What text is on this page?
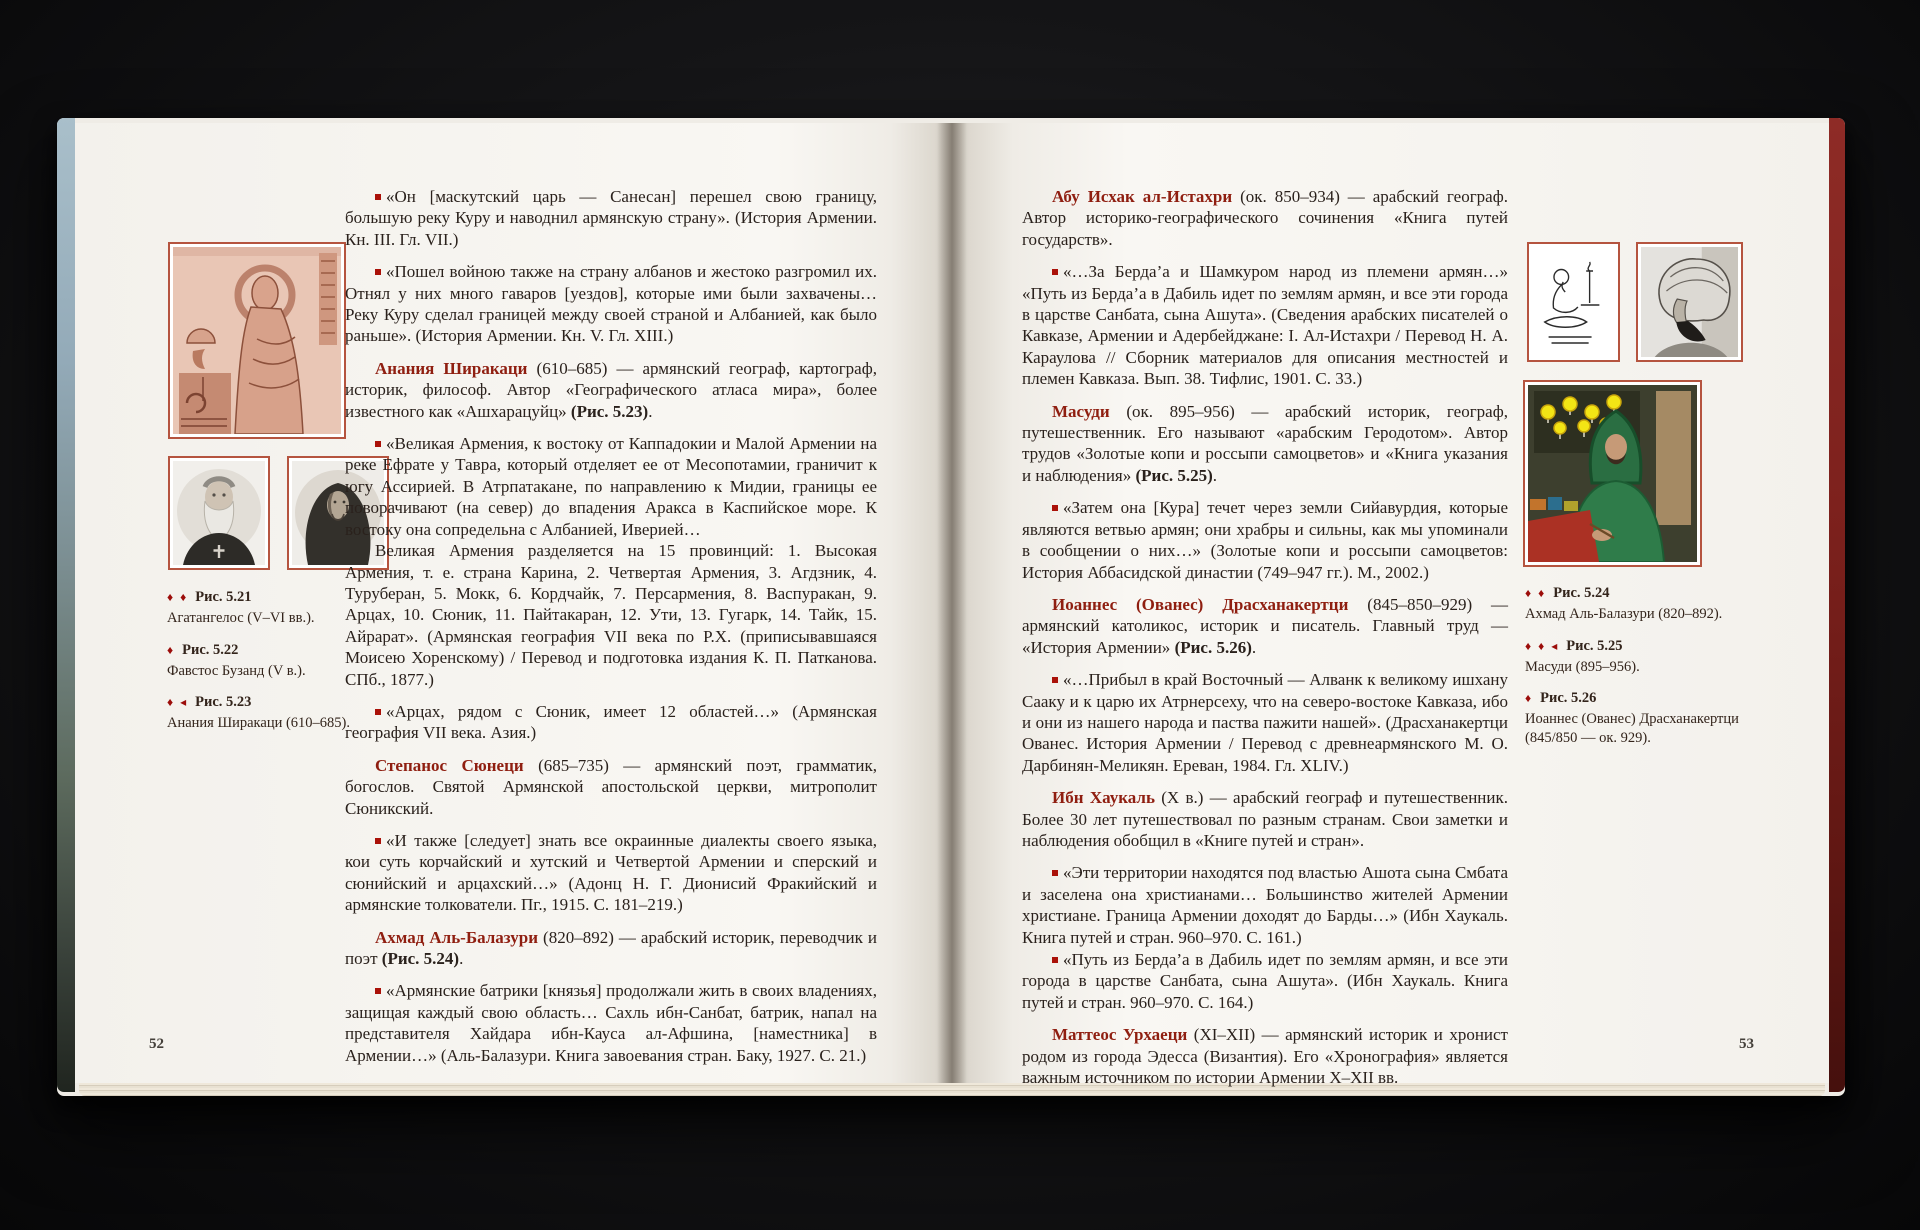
«Он [маскутский царь — Санесан] перешел свою границу, большую реку Куру и наводнил армянскую страну». (История Армении. Кн. III. Гл. VII.)

«Пошел войною также на страну албанов и жестоко разгромил их. Отнял у них много гаваров [уездов], которые ими были захвачены… Реку Куру сделал границей между своей страной и Албанией, как было раньше». (История Армении. Кн. V. Гл. XIII.)

Анания Ширакаци (610–685) — армянский географ, картограф, историк, философ. Автор «Географического атласа мира», более известного как «Ашхарацуйц» (Рис. 5.23).

«Великая Армения, к востоку от Каппадокии и Малой Армении на реке Ефрате у Тавра, который отделяет ее от Месопотамии, граничит к югу Ассирией. В Атрпатакане, по направлению к Мидии, границы ее поворачивают (на север) до впадения Аракса в Каспийское море. К востоку она сопредельна с Албанией, Иверией…

Великая Армения разделяется на 15 провинций: 1. Высокая Армения, т. е. страна Карина, 2. Четвертая Армения, 3. Агдзник, 4. Туруберан, 5. Мокк, 6. Кордчайк, 7. Персармения, 8. Васпуракан, 9. Арцах, 10. Сюник, 11. Пайтакаран, 12. Ути, 13. Гугарк, 14. Тайк, 15. Айрарат». (Армянская география VII века по Р.Х. (приписывавшаяся Моисею Хоренскому) / Перевод и подготовка издания К. П. Патканова. СПб., 1877.)

«Арцах, рядом с Сюник, имеет 12 областей…» (Армянская география VII века. Азия.)

Степанос Сюнеци (685–735) — армянский поэт, грамматик, богослов. Святой Армянской апостольской церкви, митрополит Сюникский.

«И также [следует] знать все окраинные диалекты своего языка, кои суть корчайский и хутский и Четвертой Армении и сперский и сюнийский и арцахский…» (Адонц Н. Г. Дионисий Фракийский и армянские толкователи. Пг., 1915. С. 181–219.)

Ахмад Аль-Балазури (820–892) — арабский историк, переводчик и поэт (Рис. 5.24).

«Армянские батрики [князья] продолжали жить в своих владениях, защищая каждый свою область… Сахль ибн-Санбат, батрик, напал на представителя Хайдара ибн-Кауса ал-Афшина, [наместника] в Армении…» (Аль-Балазури. Книга завоевания стран. Баку, 1927. С. 21.)

Абу Исхак ал-Истахри (ок. 850–934) — арабский географ. Автор историко-географического сочинения «Книга путей государств».

«…За Берда’а и Шамкуром народ из племени армян…» «Путь из Берда’а в Дабиль идет по землям армян, и все эти города в царстве Санбата, сына Ашута». (Сведения арабских писателей о Кавказе, Армении и Адербейджане: I. Ал-Истахри / Перевод Н. А. Караулова // Сборник материалов для описания местностей и племен Кавказа. Вып. 38. Тифлис, 1901. С. 33.)

Масуди (ок. 895–956) — арабский историк, географ, путешественник. Его называют «арабским Геродотом». Автор трудов «Золотые копи и россыпи самоцветов» и «Книга указания и наблюдения» (Рис. 5.25).

«Затем она [Кура] течет через земли Сийавурдия, которые являются ветвью армян; они храбры и сильны, как мы упоминали в сообщении о них…» (Золотые копи и россыпи самоцветов: История Аббасидской династии (749–947 гг.). М., 2002.)

Иоаннес (Ованес) Драсханакертци (845–850–929) — армянский католикос, историк и писатель. Главный труд — «История Армении» (Рис. 5.26).

«…Прибыл в край Восточный — Алванк к великому ишхану Сааку и к царю их Атрнерсеху, что на северо-востоке Кавказа, ибо и они из нашего народа и паства пажити нашей». (Драсханакертци Ованес. История Армении / Перевод с древнеармянского М. О. Дарбинян-Меликян. Ереван, 1984. Гл. XLIV.)

Ибн Хаукаль (X в.) — арабский географ и путешественник. Более 30 лет путешествовал по разным странам. Свои заметки и наблюдения обобщил в «Книге путей и стран».

«Эти территории находятся под властью Ашота сына Смбата и заселена она христианами… Большинство жителей Армении христиане. Граница Армении доходят до Барды…» (Ибн Хаукаль. Книга путей и стран. 960–970. С. 161.)

«Путь из Берда’а в Дабиль идет по землям армян, и все эти города в царстве Санбата, сына Ашута». (Ибн Хаукаль. Книга путей и стран. 960–970. С. 164.)

Маттеос Урхаеци (XI–XII) — армянский историк и хронист родом из города Эдесса (Византия). Его «Хронография» является важным источником по истории Армении X–XII вв.

♦ ♦ Рис. 5.21
Агатангелос (V–VI вв.).
♦ Рис. 5.22
Фавстос Бузанд (V в.).
♦ ◂ Рис. 5.23
Анания Ширакаци (610–685).
♦ ♦ Рис. 5.24
Ахмад Аль-Балазури (820–892).
♦ ♦ ◂ Рис. 5.25
Масуди (895–956).
♦ Рис. 5.26
Иоаннес (Ованес) Драсханакертци (845/850 — ок. 929).
52	53
